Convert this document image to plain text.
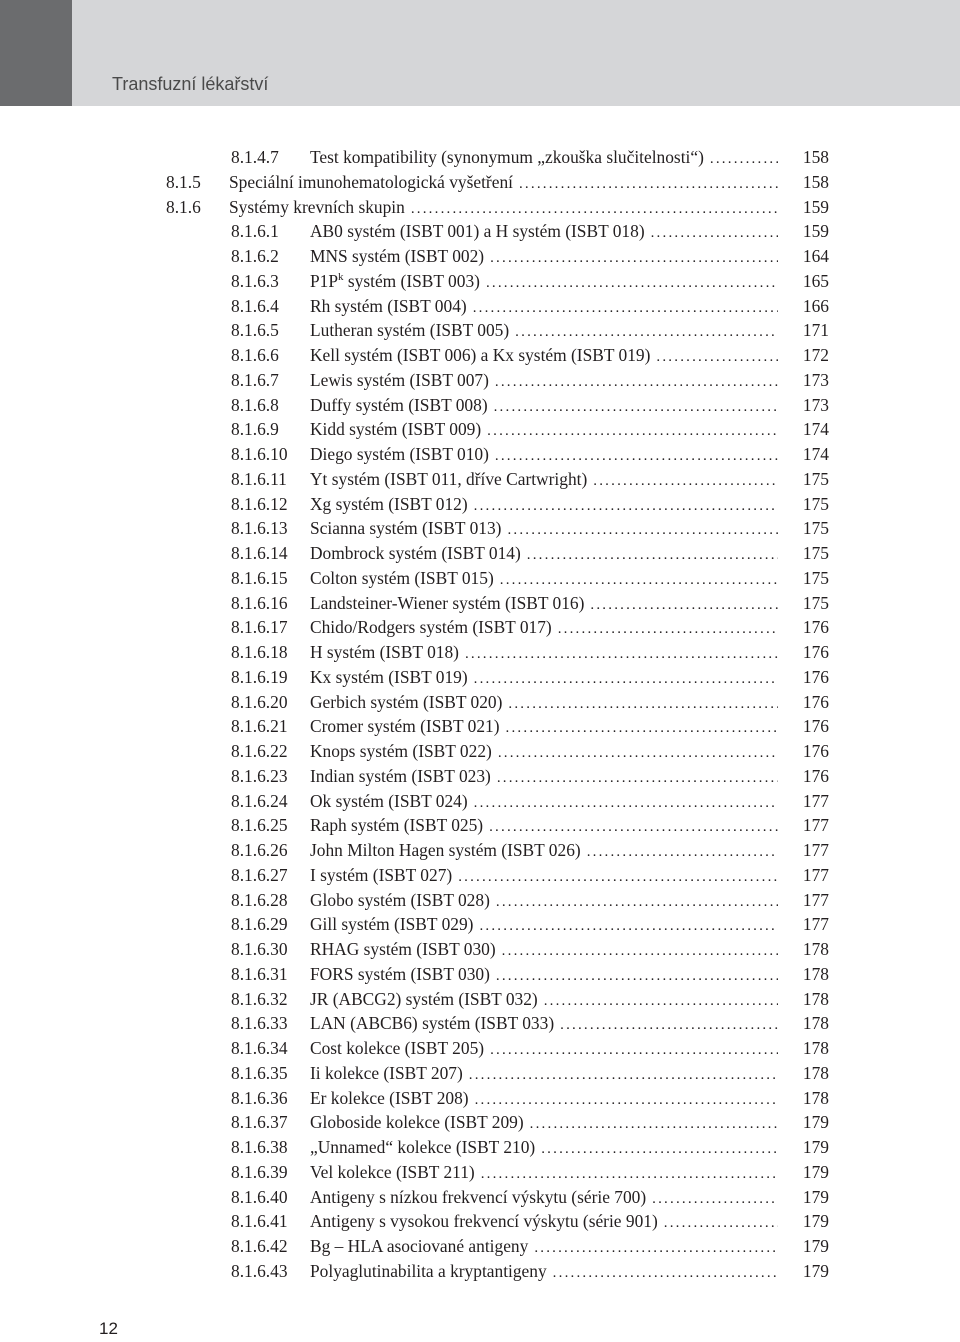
Transfuzní lékařství
8.1.4.7 Test kompatibility (synonymum „zkouška slučitelnosti“) .....	158
8.1.5 Speciální imunohematologická vyšetření .....	158
8.1.6 Systémy krevních skupin .....	159
8.1.6.1 AB0 systém (ISBT 001) a H systém (ISBT 018) .....	159
8.1.6.2 MNS systém (ISBT 002) .....	164
8.1.6.3 $P1P^k$ systém (ISBT 003) .....	165
8.1.6.4 Rh systém (ISBT 004) .....	166
8.1.6.5 Lutheran systém (ISBT 005) .....	171
8.1.6.6 Kell systém (ISBT 006) a Kx systém (ISBT 019) .....	172
8.1.6.7 Lewis systém (ISBT 007) .....	173
8.1.6.8 Duffy systém (ISBT 008) .....	173
8.1.6.9 Kidd systém (ISBT 009) .....	174
8.1.6.10 Diego systém (ISBT 010) .....	174
8.1.6.11 Yt systém (ISBT 011, dříve Cartwright) .....	175
8.1.6.12 Xg systém (ISBT 012) .....	175
8.1.6.13 Scianna systém (ISBT 013) .....	175
8.1.6.14 Dombrock systém (ISBT 014) .....	175
8.1.6.15 Colton systém (ISBT 015) .....	175
8.1.6.16 Landsteiner-Wiener systém (ISBT 016) .....	175
8.1.6.17 Chido/Rodgers systém (ISBT 017) .....	176
8.1.6.18 H systém (ISBT 018) .....	176
8.1.6.19 Kx systém (ISBT 019) .....	176
8.1.6.20 Gerbich systém (ISBT 020) .....	176
8.1.6.21 Cromer systém (ISBT 021) .....	176
8.1.6.22 Knops systém (ISBT 022) .....	176
8.1.6.23 Indian systém (ISBT 023) .....	176
8.1.6.24 Ok systém (ISBT 024) .....	177
8.1.6.25 Raph systém (ISBT 025) .....	177
8.1.6.26 John Milton Hagen systém (ISBT 026) .....	177
8.1.6.27 I systém (ISBT 027) .....	177
8.1.6.28 Globo systém (ISBT 028) .....	177
8.1.6.29 Gill systém (ISBT 029) .....	177
8.1.6.30 RHAG systém (ISBT 030) .....	178
8.1.6.31 FORS systém (ISBT 030) .....	178
8.1.6.32 JR (ABCG2) systém (ISBT 032) .....	178
8.1.6.33 LAN (ABCB6) systém (ISBT 033) .....	178
8.1.6.34 Cost kolekce (ISBT 205) .....	178
8.1.6.35 Ii kolekce (ISBT 207) .....	178
8.1.6.36 Er kolekce (ISBT 208) .....	178
8.1.6.37 Globoside kolekce (ISBT 209) .....	179
8.1.6.38 „Unnamed“ kolekce (ISBT 210) .....	179
8.1.6.39 Vel kolekce (ISBT 211) .....	179
8.1.6.40 Antigeny s nízkou frekvencí výskytu (série 700) .....	179
8.1.6.41 Antigeny s vysokou frekvencí výskytu (série 901) .....	179
8.1.6.42 Bg – HLA asociované antigeny .....	179
8.1.6.43 Polyaglutinabilita a kryptantigeny .....	179
12
